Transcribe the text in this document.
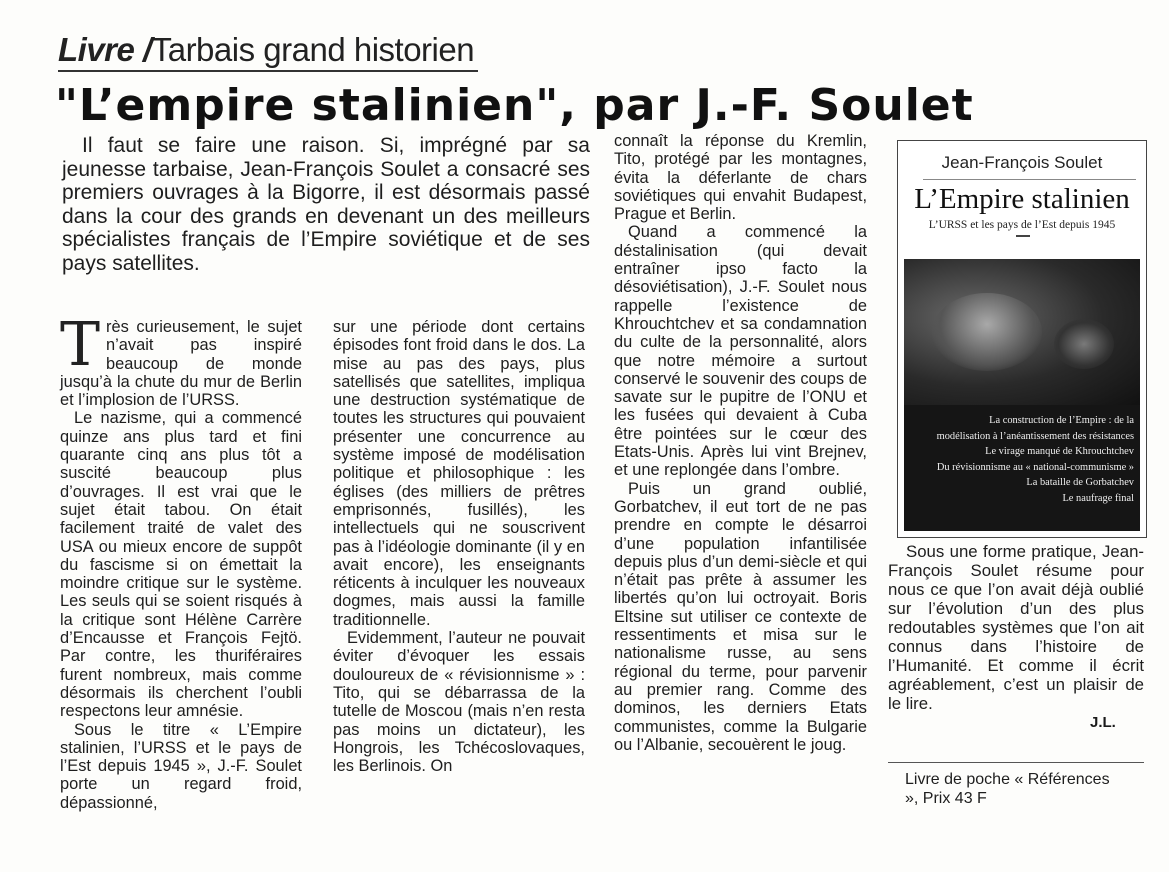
Livre /Tarbais grand historien
"L’empire stalinien", par J.-F. Soulet
Il faut se faire une raison. Si, imprégné par sa jeunesse tarbaise, Jean-François Soulet a consacré ses premiers ouvrages à la Bigorre, il est désormais passé dans la cour des grands en devenant un des meilleurs spécialistes français de l’Empire soviétique et de ses pays satellites.

Très curieusement, le sujet n’avait pas inspiré beaucoup de monde jusqu’à la chute du mur de Berlin et l’implosion de l’URSS.

Le nazisme, qui a commencé quinze ans plus tard et fini quarante cinq ans plus tôt a suscité beaucoup plus d’ouvrages. Il est vrai que le sujet était tabou. On était facilement traité de valet des USA ou mieux encore de suppôt du fascisme si on émettait la moindre critique sur le système. Les seuls qui se soient risqués à la critique sont Hélène Carrère d’Encausse et François Fejtö. Par contre, les thuriféraires furent nombreux, mais comme désormais ils cherchent l’oubli respectons leur amnésie.

Sous le titre « L’Empire stalinien, l’URSS et le pays de l’Est depuis 1945 », J.-F. Soulet porte un regard froid, dépassionné,

sur une période dont certains épisodes font froid dans le dos. La mise au pas des pays, plus satellisés que satellites, impliqua une destruction systématique de toutes les structures qui pouvaient présenter une concurrence au système imposé de modélisation politique et philosophique : les églises (des milliers de prêtres emprisonnés, fusillés), les intellectuels qui ne souscrivent pas à l’idéologie dominante (il y en avait encore), les enseignants réticents à inculquer les nouveaux dogmes, mais aussi la famille traditionnelle.

Evidemment, l’auteur ne pouvait éviter d’évoquer les essais douloureux de « révisionnisme » : Tito, qui se débarrassa de la tutelle de Moscou (mais n’en resta pas moins un dictateur), les Hongrois, les Tchécoslovaques, les Berlinois. On

connaît la réponse du Kremlin, Tito, protégé par les montagnes, évita la déferlante de chars soviétiques qui envahit Budapest, Prague et Berlin.

Quand a commencé la déstalinisation (qui devait entraîner ipso facto la désoviétisation), J.-F. Soulet nous rappelle l’existence de Khrouchtchev et sa condamnation du culte de la personnalité, alors que notre mémoire a surtout conservé le souvenir des coups de savate sur le pupitre de l’ONU et les fusées qui devaient à Cuba être pointées sur le cœur des Etats-Unis. Après lui vint Brejnev, et une replongée dans l’ombre.

Puis un grand oublié, Gorbatchev, il eut tort de ne pas prendre en compte le désarroi d’une population infantilisée depuis plus d’un demi-siècle et qui n’était pas prête à assumer les libertés qu’on lui octroyait. Boris Eltsine sut utiliser ce contexte de ressentiments et misa sur le nationalisme russe, au sens régional du terme, pour parvenir au premier rang. Comme des dominos, les derniers Etats communistes, comme la Bulgarie ou l’Albanie, secouèrent le joug.

Jean-François Soulet
L’Empire stalinien
L’URSS et les pays de l’Est depuis 1945
La construction de l’Empire : de la
modélisation à l’anéantissement des résistances
Le virage manqué de Khrouchtchev
Du révisionnisme au « national-communisme »
La bataille de Gorbatchev
Le naufrage final

Sous une forme pratique, Jean-François Soulet résume pour nous ce que l’on avait déjà oublié sur l’évolution d’un des plus redoutables systèmes que l’on ait connus dans l’histoire de l’Humanité. Et comme il écrit agréablement, c’est un plaisir de le lire.

J.L.
Livre de poche « Références », Prix 43 F
